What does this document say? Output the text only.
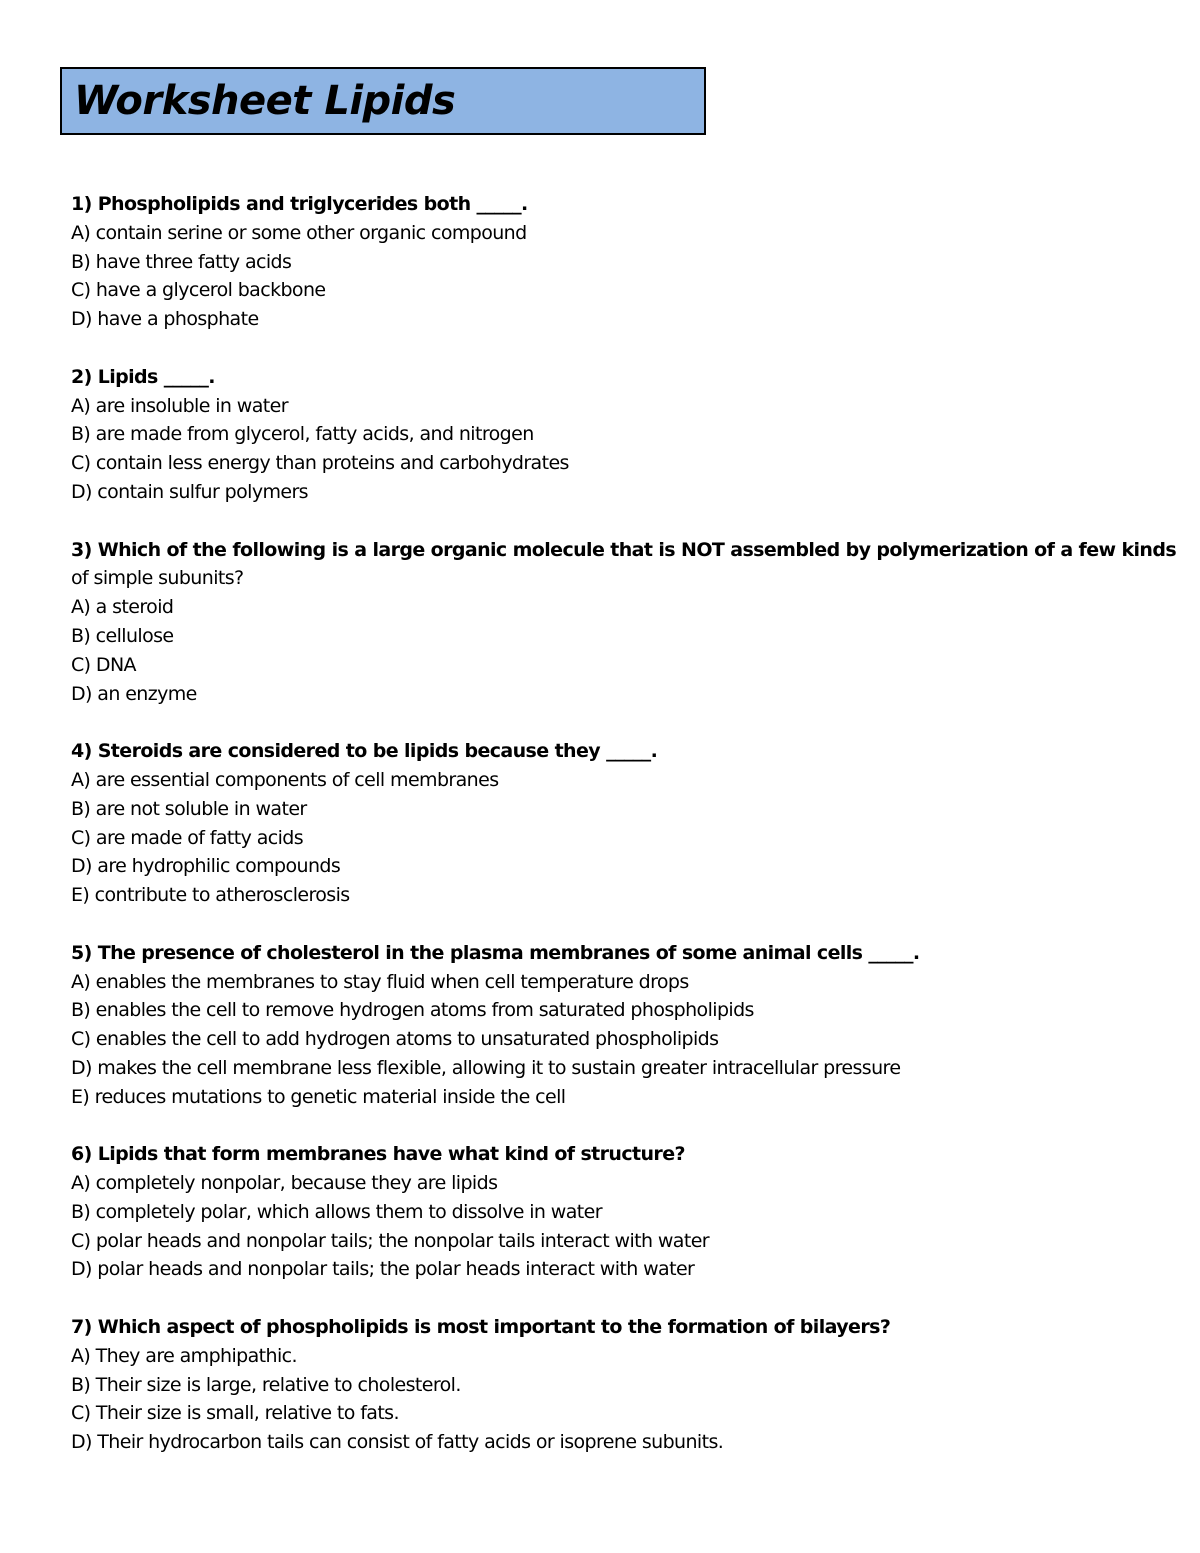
Worksheet Lipids
1) Phospholipids and triglycerides both _____.
A) contain serine or some other organic compound
B) have three fatty acids
C) have a glycerol backbone
D) have a phosphate
2) Lipids _____.
A) are insoluble in water
B) are made from glycerol, fatty acids, and nitrogen
C) contain less energy than proteins and carbohydrates
D) contain sulfur polymers
3) Which of the following is a large organic molecule that is NOT assembled by polymerization of a few kinds
of simple subunits?
A) a steroid
B) cellulose
C) DNA
D) an enzyme
4) Steroids are considered to be lipids because they _____.
A) are essential components of cell membranes
B) are not soluble in water
C) are made of fatty acids
D) are hydrophilic compounds
E) contribute to atherosclerosis
5) The presence of cholesterol in the plasma membranes of some animal cells _____.
A) enables the membranes to stay fluid when cell temperature drops
B) enables the cell to remove hydrogen atoms from saturated phospholipids
C) enables the cell to add hydrogen atoms to unsaturated phospholipids
D) makes the cell membrane less flexible, allowing it to sustain greater intracellular pressure
E) reduces mutations to genetic material inside the cell
6) Lipids that form membranes have what kind of structure?
A) completely nonpolar, because they are lipids
B) completely polar, which allows them to dissolve in water
C) polar heads and nonpolar tails; the nonpolar tails interact with water
D) polar heads and nonpolar tails; the polar heads interact with water
7) Which aspect of phospholipids is most important to the formation of bilayers?
A) They are amphipathic.
B) Their size is large, relative to cholesterol.
C) Their size is small, relative to fats.
D) Their hydrocarbon tails can consist of fatty acids or isoprene subunits.
